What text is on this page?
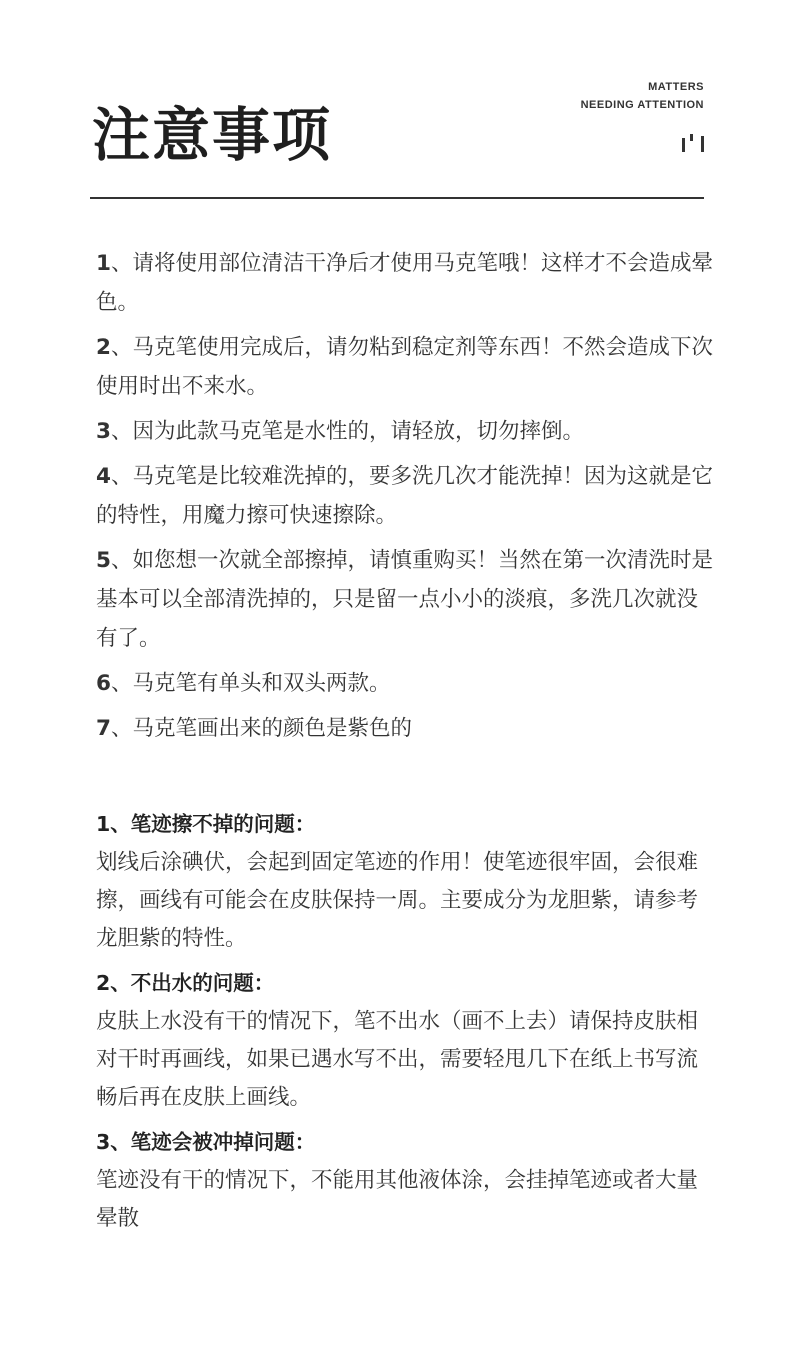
注意事项
MATTERS
NEEDING ATTENTION
1、请将使用部位清洁干净后才使用马克笔哦！这样才不会造成晕色。
2、马克笔使用完成后，请勿粘到稳定剂等东西！不然会造成下次使用时出不来水。
3、因为此款马克笔是水性的，请轻放，切勿摔倒。
4、马克笔是比较难洗掉的，要多洗几次才能洗掉！因为这就是它的特性，用魔力擦可快速擦除。
5、如您想一次就全部擦掉，请慎重购买！当然在第一次清洗时是基本可以全部清洗掉的，只是留一点小小的淡痕，多洗几次就没有了。
6、马克笔有单头和双头两款。
7、马克笔画出来的颜色是紫色的

1、笔迹擦不掉的问题：

划线后涂碘伏，会起到固定笔迹的作用！使笔迹很牢固，会很难擦，画线有可能会在皮肤保持一周。主要成分为龙胆紫，请参考龙胆紫的特性。

2、不出水的问题：

皮肤上水没有干的情况下，笔不出水（画不上去）请保持皮肤相对干时再画线，如果已遇水写不出，需要轻甩几下在纸上书写流畅后再在皮肤上画线。

3、笔迹会被冲掉问题：

笔迹没有干的情况下，不能用其他液体涂，会挂掉笔迹或者大量晕散
